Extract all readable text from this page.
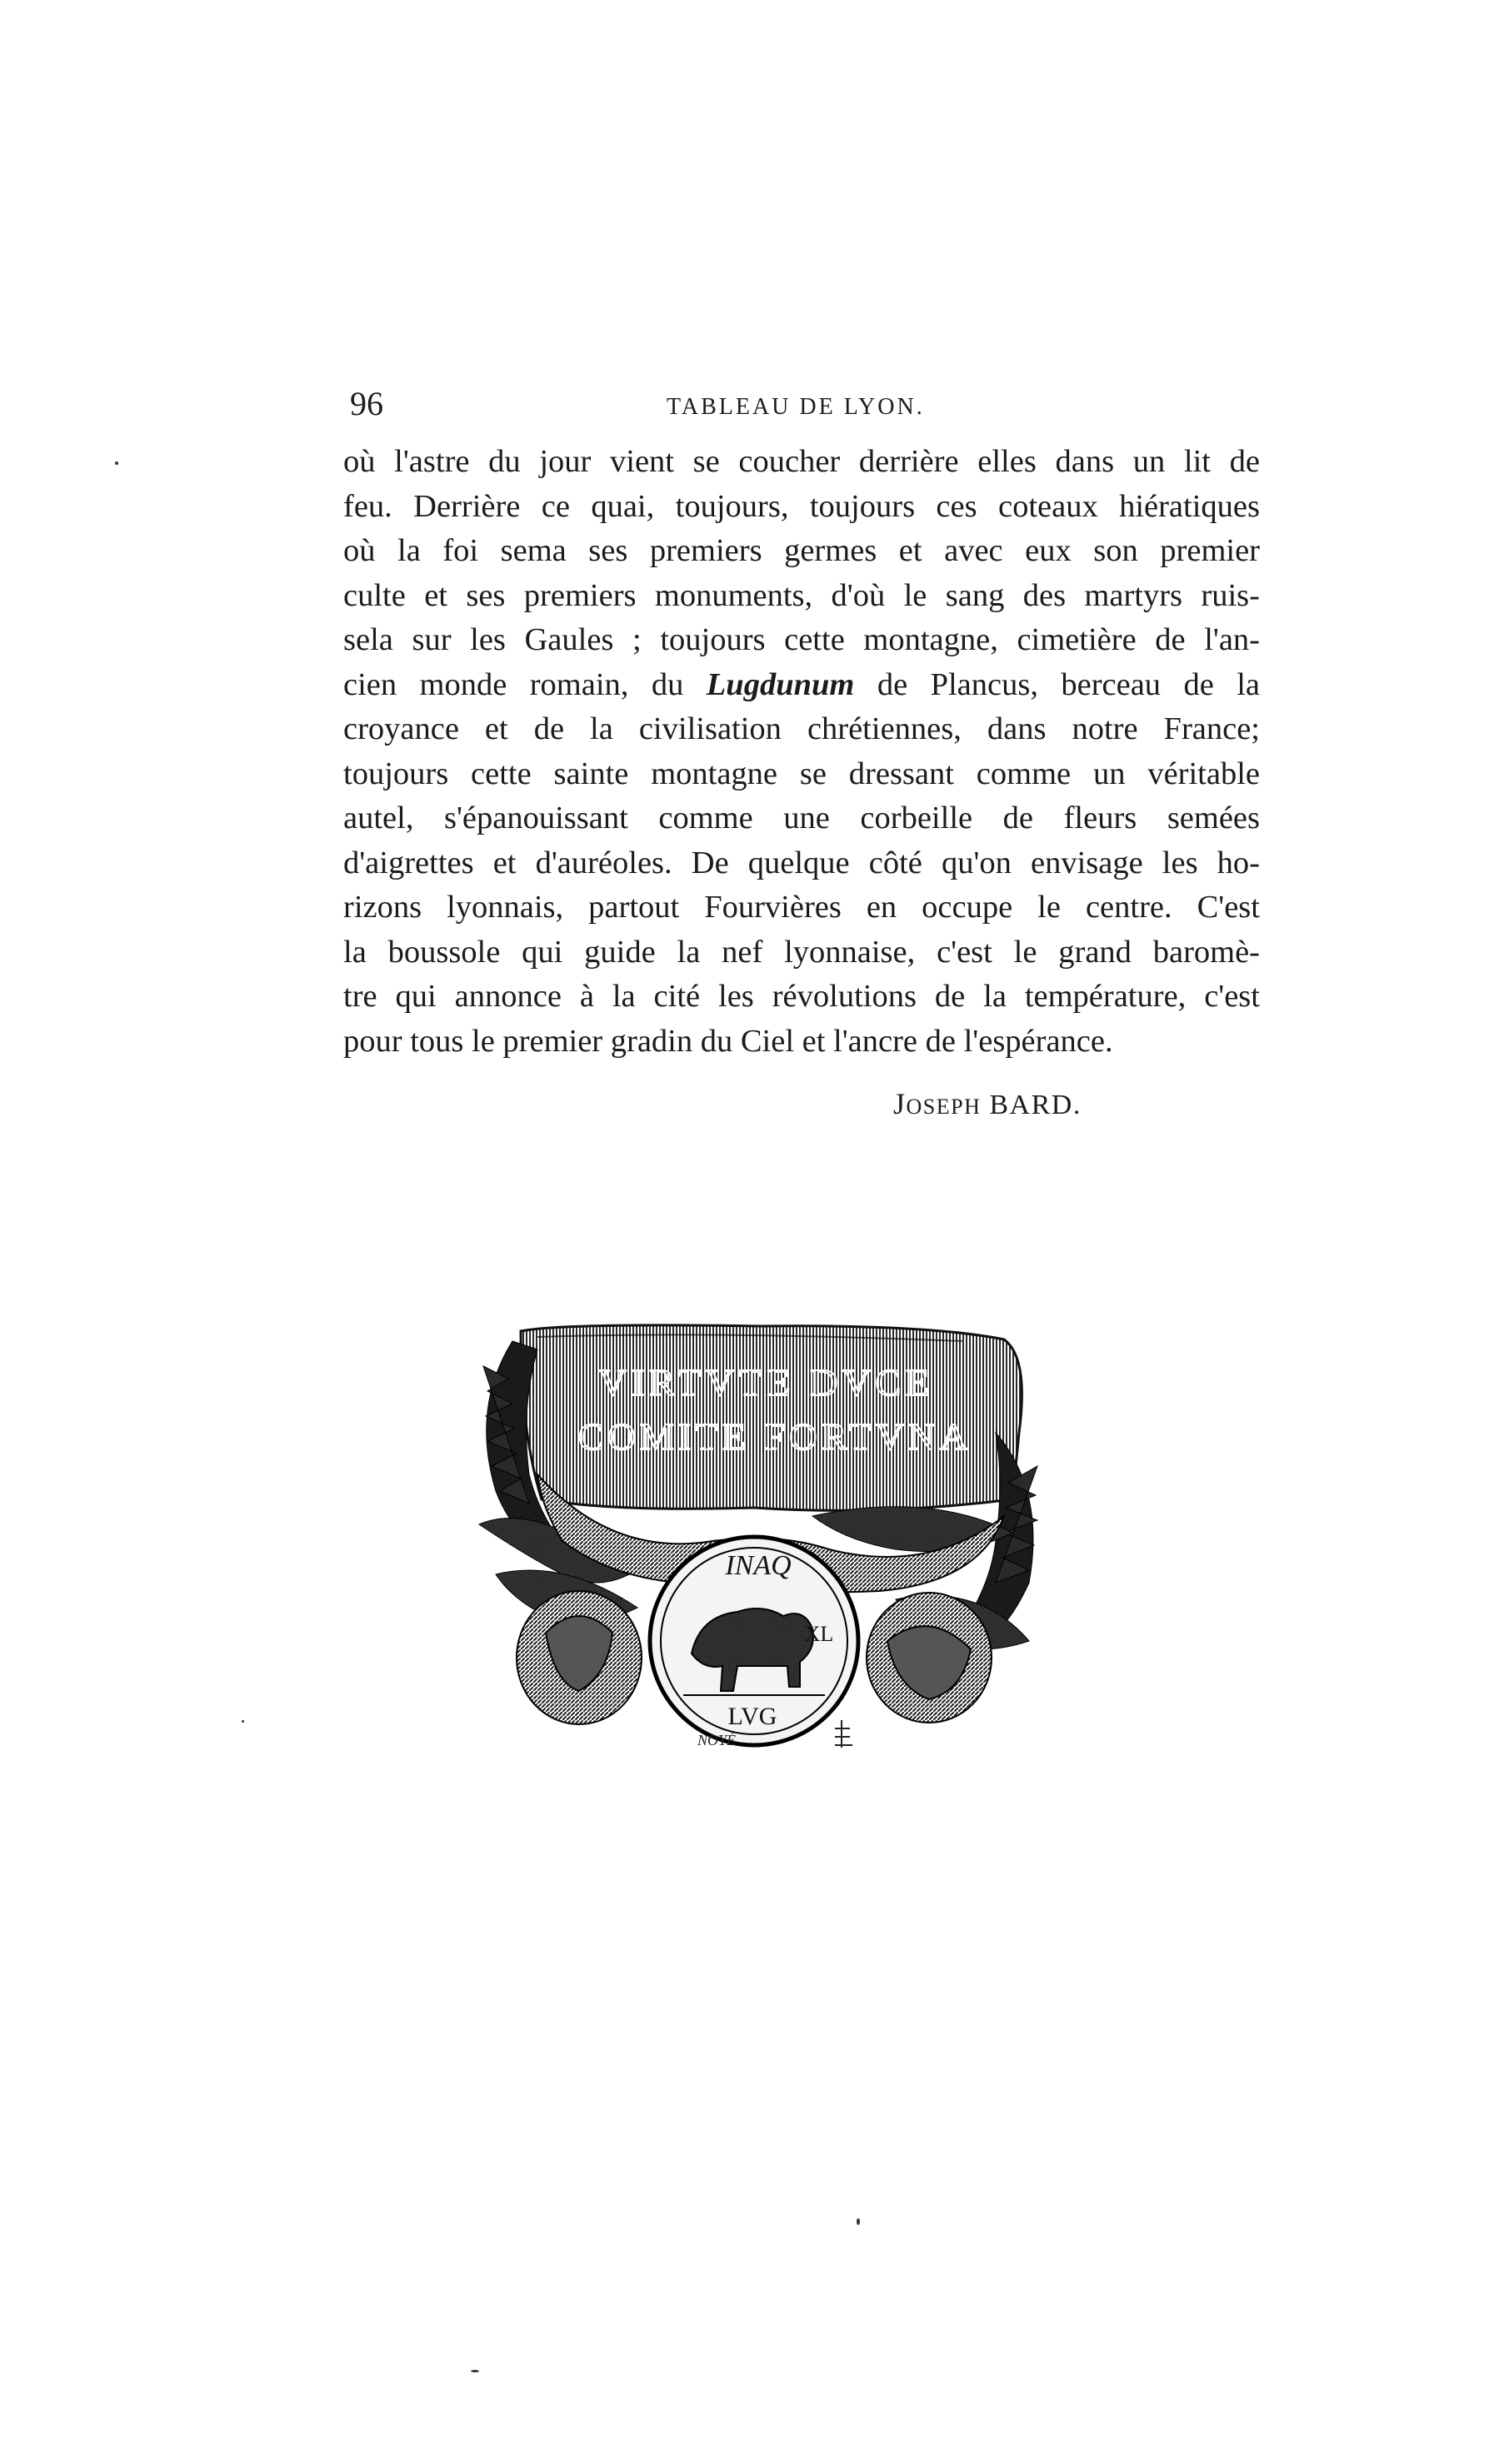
96	TABLEAU DE LYON.
où l'astre du jour vient se coucher derrière elles dans un lit de
feu. Derrière ce quai, toujours, toujours ces coteaux hiératiques
où la foi sema ses premiers germes et avec eux son premier
culte et ses premiers monuments, d'où le sang des martyrs ruis-
sela sur les Gaules ; toujours cette montagne, cimetière de l'an-
cien monde romain, du Lugdunum de Plancus, berceau de la
croyance et de la civilisation chrétiennes, dans notre France;
toujours cette sainte montagne se dressant comme un véritable
autel, s'épanouissant comme une corbeille de fleurs semées
d'aigrettes et d'auréoles. De quelque côté qu'on envisage les ho-
rizons lyonnais, partout Fourvières en occupe le centre. C'est
la boussole qui guide la nef lyonnaise, c'est le grand baromè-
tre qui annonce à la cité les révolutions de la température, c'est
pour tous le premier gradin du Ciel et l'ancre de l'espérance.
JOSEPH BARD.
VIRTVTE DVCE
COMITE FORTVNA
INAQ
XL
LVG
NOYÉ
